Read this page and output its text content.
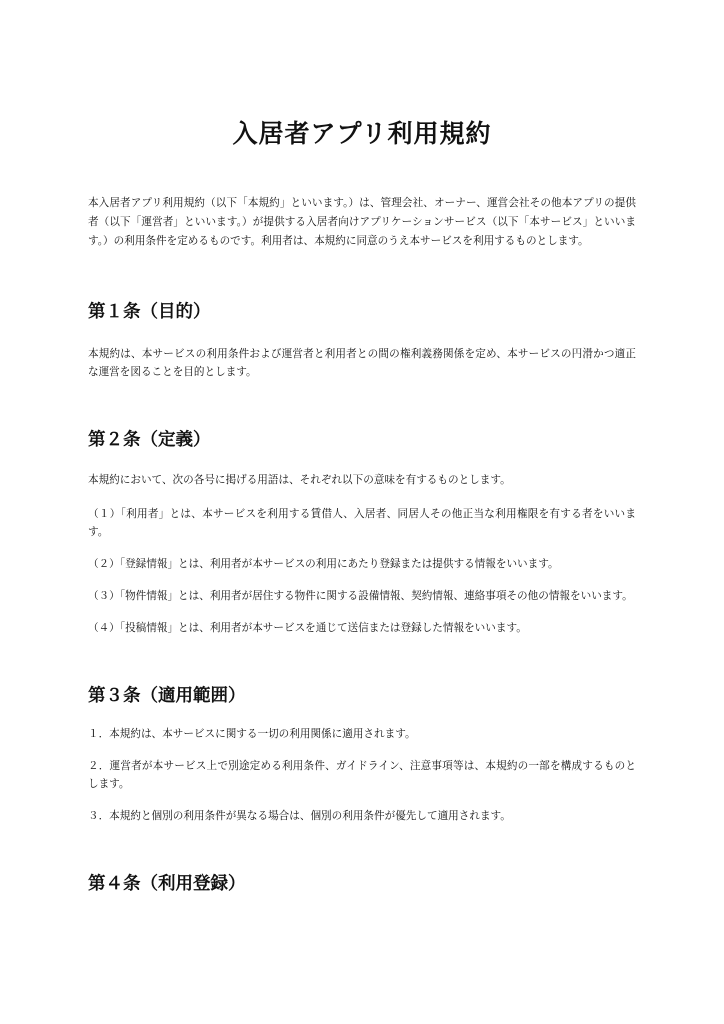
入居者アプリ利用規約

本入居者アプリ利用規約（以下「本規約」といいます。）は、管理会社、オーナー、運営会社その他本アプリの提供者（以下「運営者」といいます。）が提供する入居者向けアプリケーションサービス（以下「本サービス」といいます。）の利用条件を定めるものです。利用者は、本規約に同意のうえ本サービスを利用するものとします。

第１条（目的）

本規約は、本サービスの利用条件および運営者と利用者との間の権利義務関係を定め、本サービスの円滑かつ適正な運営を図ることを目的とします。

第２条（定義）

本規約において、次の各号に掲げる用語は、それぞれ以下の意味を有するものとします。

（１）「利用者」とは、本サービスを利用する賃借人、入居者、同居人その他正当な利用権限を有する者をいいます。

（２）「登録情報」とは、利用者が本サービスの利用にあたり登録または提供する情報をいいます。

（３）「物件情報」とは、利用者が居住する物件に関する設備情報、契約情報、連絡事項その他の情報をいいます。

（４）「投稿情報」とは、利用者が本サービスを通じて送信または登録した情報をいいます。

第３条（適用範囲）

１．本規約は、本サービスに関する一切の利用関係に適用されます。

２．運営者が本サービス上で別途定める利用条件、ガイドライン、注意事項等は、本規約の一部を構成するものとします。

３．本規約と個別の利用条件が異なる場合は、個別の利用条件が優先して適用されます。

第４条（利用登録）
